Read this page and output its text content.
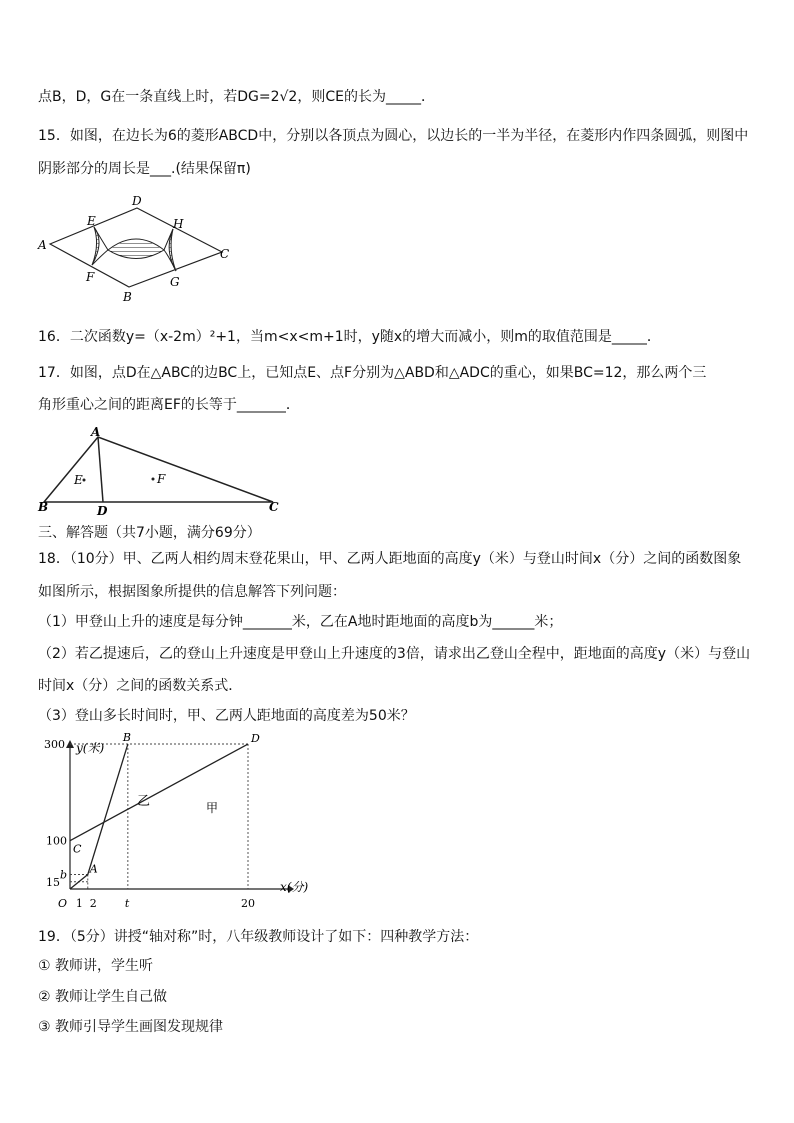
点B，D，G在一条直线上时，若DG=2√2，则CE的长为_____．
15．如图，在边长为6的菱形ABCD中，分别以各顶点为圆心，以边长的一半为半径，在菱形内作四条圆弧，则图中
阴影部分的周长是___.(结果保留π)
A
D
C
B
E
F
H
G
16．二次函数y=（x-2m）²+1，当m<x<m+1时，y随x的增大而减小，则m的取值范围是_____．
17．如图，点D在△ABC的边BC上，已知点E、点F分别为△ABD和△ADC的重心，如果BC=12，那么两个三
角形重心之间的距离EF的长等于_______．
A
B	C
D
E	F
三、解答题（共7小题，满分69分）
18．（10分）甲、乙两人相约周末登花果山，甲、乙两人距地面的高度y（米）与登山时间x（分）之间的函数图象
如图所示，根据图象所提供的信息解答下列问题：
（1）甲登山上升的速度是每分钟_______米，乙在A地时距地面的高度b为______米；
（2）若乙提速后，乙的登山上升速度是甲登山上升速度的3倍，请求出乙登山全程中，距地面的高度y（米）与登山
时间x（分）之间的函数关系式．
（3）登山多长时间时，甲、乙两人距地面的高度差为50米？
甲
乙
y(米)
x(分)
15
b
100
300
O 1 2	t	20
A
B
C
D
19．（5分）讲授“轴对称”时，八年级教师设计了如下：四种教学方法：
① 教师讲，学生听
② 教师让学生自己做
③ 教师引导学生画图发现规律
